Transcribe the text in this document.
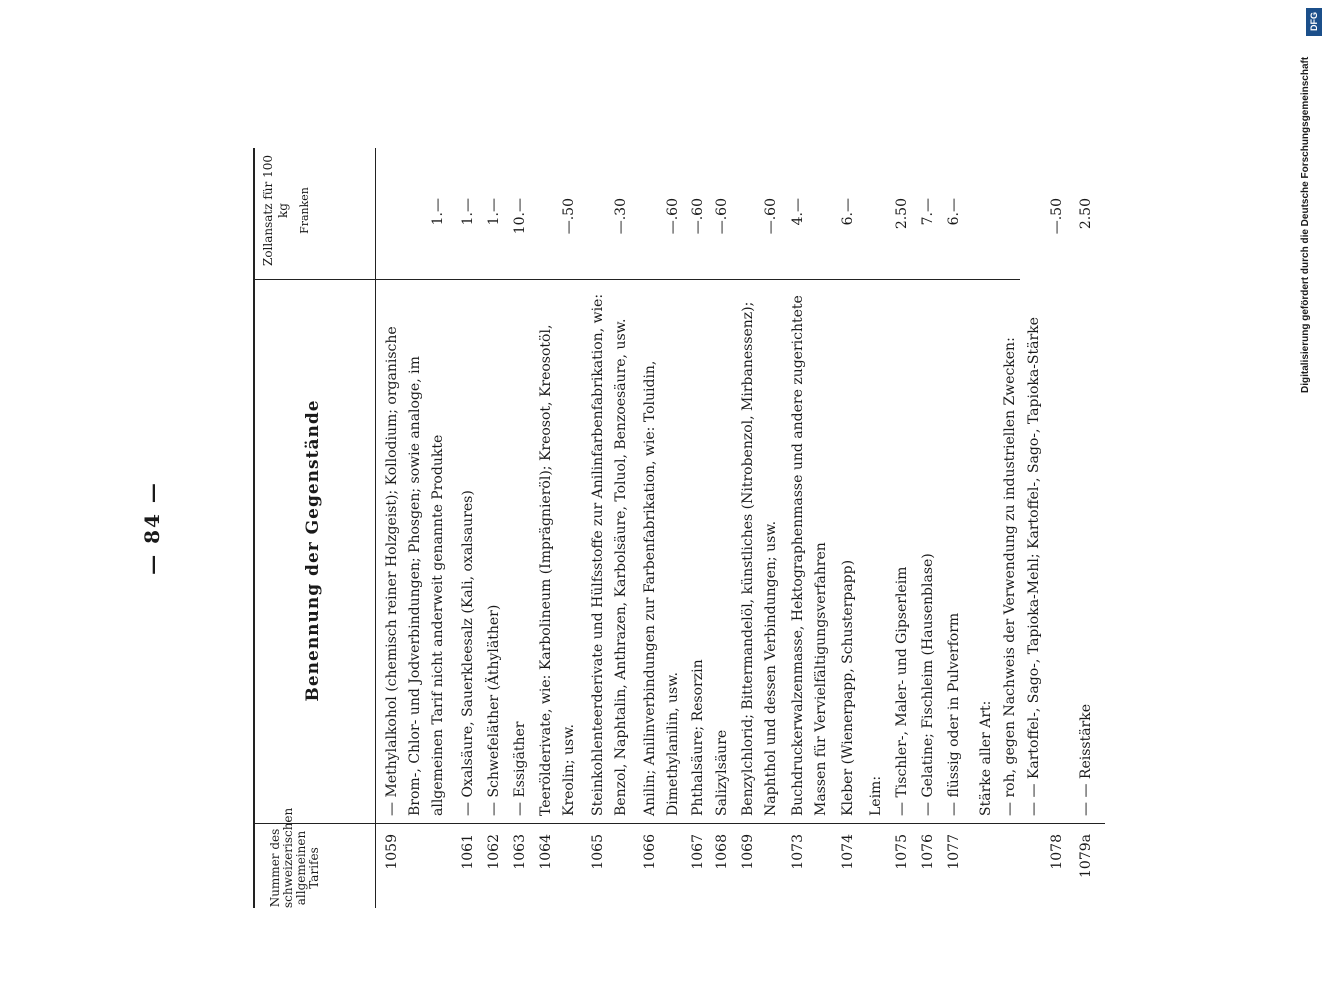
— 84 —
Nummer des schweizerischen allgemeinen Tarifes
Benennung der Gegenstände
Zollansatz für 100 kg Franken
1059
— Methylalkohol (chemisch reiner Holzgeist); Kollodium; organische Brom-, Chlor- und Jodverbindungen; Phosgen; sowie analoge, im allgemeinen Tarif nicht anderweit genannte Produkte
1.—
1061
— Oxalsäure, Sauerkleesalz (Kali, oxalsaures)
1.—
1062
— Schwefeläther (Äthyläther)
1.—
1063
— Essigäther
10.—
1064
Teerölderivate, wie: Karbolineum (Imprägnieröl); Kreosot, Kreosotöl, Kreolin; usw.
—.50
1065
Steinkohlenteerderivate und Hülfsstoffe zur Anilinfarbenfabrikation, wie: Benzol, Naphtalin, Anthrazen, Karbolsäure, Toluol, Benzoesäure, usw.
—.30
1066
Anilin; Anilinverbindungen zur Farbenfabrikation, wie: Toluidin, Dimethylanilin, usw.
—.60
1067
Phthalsäure; Resorzin
—.60
1068
Salizylsäure
—.60
1069
Benzylchlorid; Bittermandelöl, künstliches (Nitrobenzol, Mirbanessenz); Naphthol und dessen Verbindungen; usw.
—.60
1073
Buchdruckerwalzenmasse, Hektographenmasse und andere zugerichtete Massen für Vervielfältigungsverfahren
4.—
1074
Kleber (Wienerpapp, Schusterpapp)
6.—
Leim:
1075
— Tischler-, Maler- und Gipserleim
2.50
1076
— Gelatine; Fischleim (Hausenblase)
7.—
1077
— flüssig oder in Pulverform
6.—
Stärke aller Art: — roh, gegen Nachweis der Verwendung zu industriellen Zwecken:
1078
— — Kartoffel-, Sago-, Tapioka-Mehl; Kartoffel-, Sago-, Tapioka-Stärke
—.50
1079a
— — Reisstärke
2.50
DFG
Digitalisierung gefördert durch die Deutsche Forschungsgemeinschaft
